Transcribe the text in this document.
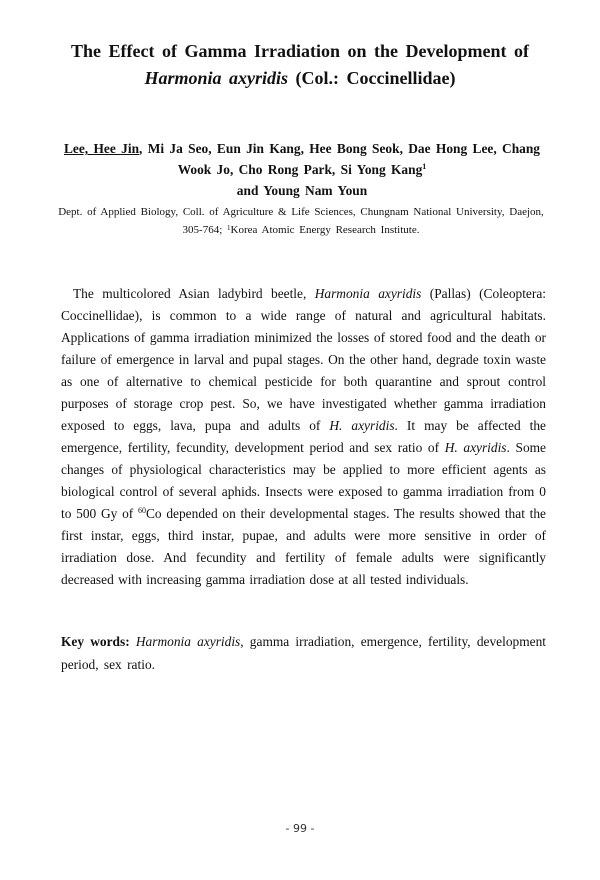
The Effect of Gamma Irradiation on the Development of
Harmonia axyridis (Col.: Coccinellidae)
Lee, Hee Jin, Mi Ja Seo, Eun Jin Kang, Hee Bong Seok, Dae Hong Lee, Chang Wook Jo, Cho Rong Park, Si Yong Kang$^1$
and Young Nam Youn
Dept. of Applied Biology, Coll. of Agriculture & Life Sciences, Chungnam National University, Daejon, 305-764; $^1$Korea Atomic Energy Research Institute.
The multicolored Asian ladybird beetle, Harmonia axyridis (Pallas) (Coleoptera: Coccinellidae), is common to a wide range of natural and agricultural habitats. Applications of gamma irradiation minimized the losses of stored food and the death or failure of emergence in larval and pupal stages. On the other hand, degrade toxin waste as one of alternative to chemical pesticide for both quarantine and sprout control purposes of storage crop pest. So, we have investigated whether gamma irradiation exposed to eggs, lava, pupa and adults of H. axyridis. It may be affected the emergence, fertility, fecundity, development period and sex ratio of H. axyridis. Some changes of physiological characteristics may be applied to more efficient agents as biological control of several aphids. Insects were exposed to gamma irradiation from 0 to 500 Gy of $^{60}$Co depended on their developmental stages. The results showed that the first instar, eggs, third instar, pupae, and adults were more sensitive in order of irradiation dose. And fecundity and fertility of female adults were significantly decreased with increasing gamma irradiation dose at all tested individuals.
Key words: Harmonia axyridis, gamma irradiation, emergence, fertility, development period, sex ratio.
- 99 -
